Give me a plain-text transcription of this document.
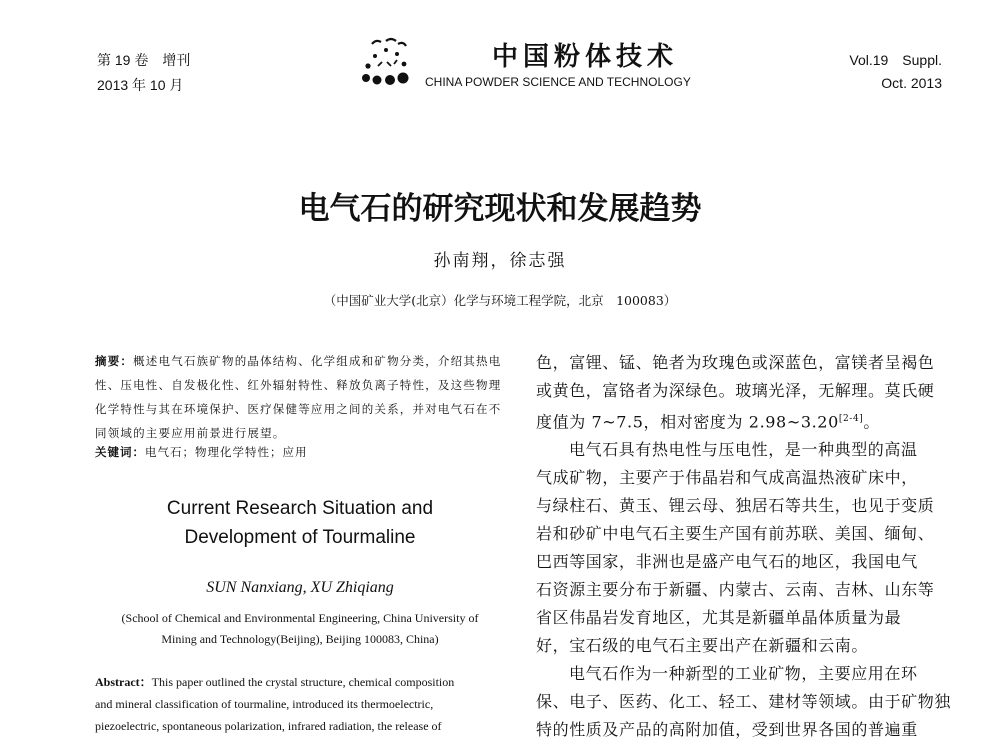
第 19 卷　增刊
2013 年 10 月
中国粉体技术
CHINA POWDER SCIENCE AND TECHNOLOGY
Vol.19　Suppl.
Oct. 2013
电气石的研究现状和发展趋势
孙南翔，徐志强
（中国矿业大学(北京）化学与环境工程学院，北京　100083）
摘要：概述电气石族矿物的晶体结构、化学组成和矿物分类，介绍其热电性、压电性、自发极化性、红外辐射特性、释放负离子特性，及这些物理化学特性与其在环境保护、医疗保健等应用之间的关系，并对电气石在不同领域的主要应用前景进行展望。
关键词：电气石；物理化学特性；应用
Current Research Situation and
Development of Tourmaline
SUN Nanxiang, XU Zhiqiang
(School of Chemical and Environmental Engineering, China University of
Mining and Technology(Beijing), Beijing 100083, China)
Abstract：This paper outlined the crystal structure, chemical composition
and mineral classification of tourmaline, introduced its thermoelectric,
piezoelectric, spontaneous polarization, infrared radiation, the release of
色，富锂、锰、铯者为玫瑰色或深蓝色，富镁者呈褐色
或黄色，富铬者为深绿色。玻璃光泽，无解理。莫氏硬
度值为 7~7.5，相对密度为 2.98~3.20[2-4]。
电气石具有热电性与压电性，是一种典型的高温
气成矿物，主要产于伟晶岩和气成高温热液矿床中，
与绿柱石、黄玉、锂云母、独居石等共生，也见于变质
岩和砂矿中电气石主要生产国有前苏联、美国、缅甸、
巴西等国家，非洲也是盛产电气石的地区，我国电气
石资源主要分布于新疆、内蒙古、云南、吉林、山东等
省区伟晶岩发育地区，尤其是新疆单晶体质量为最
好，宝石级的电气石主要出产在新疆和云南。
电气石作为一种新型的工业矿物，主要应用在环
保、电子、医药、化工、轻工、建材等领域。由于矿物独
特的性质及产品的高附加值，受到世界各国的普遍重
